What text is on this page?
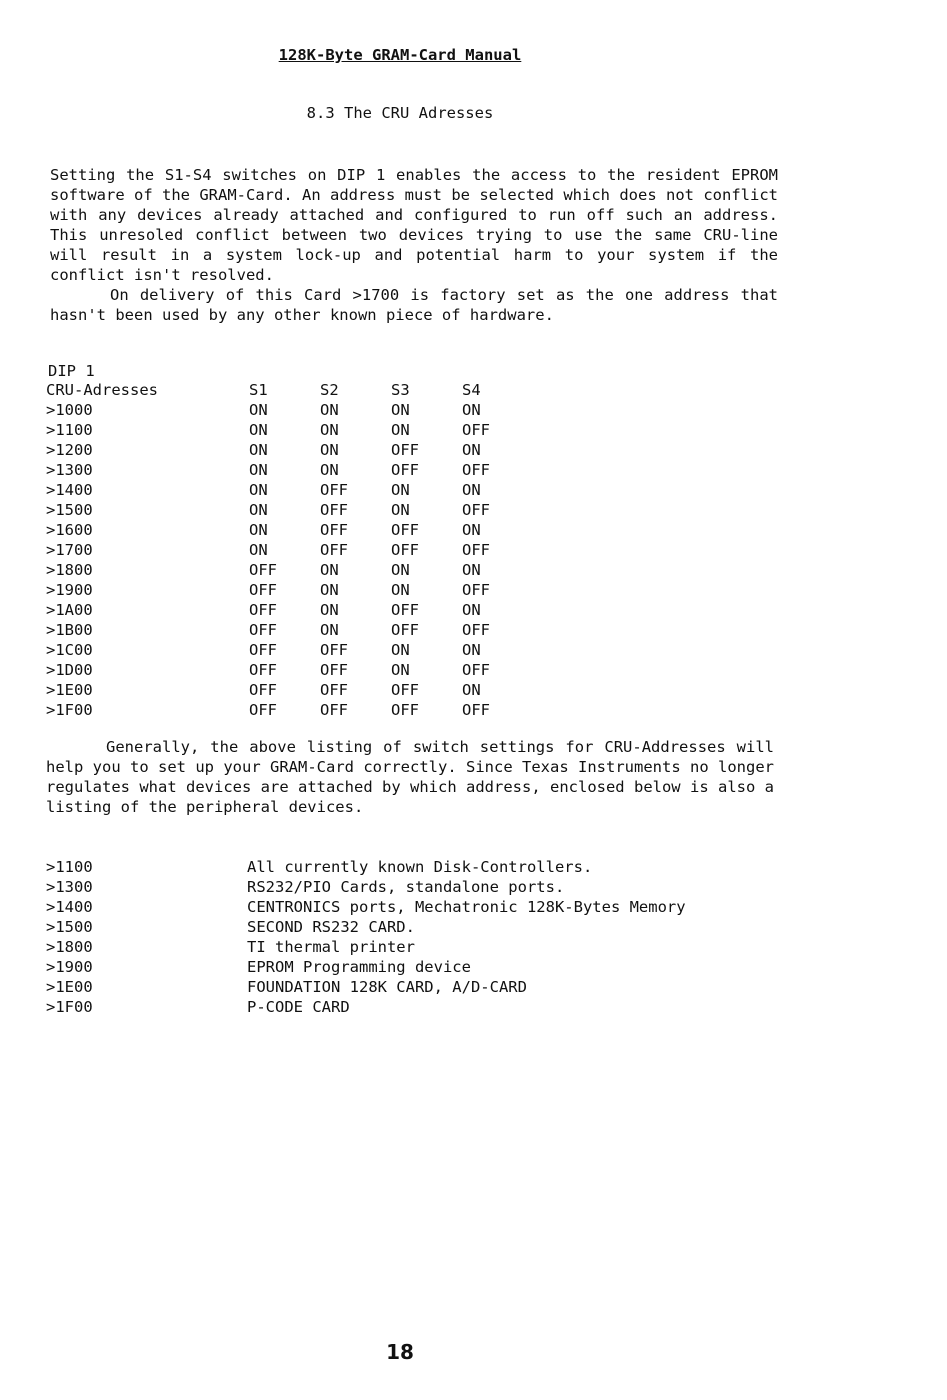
128K-Byte GRAM-Card Manual
8.3 The CRU Adresses

Setting the S1-S4 switches on DIP 1 enables the access to the resident EPROM software of the GRAM-Card. An address must be selected which does not conflict with any devices already attached and configured to run off such an address. This unresoled conflict between two devices trying to use the same CRU-line will result in a system lock-up and potential harm to your system if the conflict isn't resolved.

On delivery of this Card >1700 is factory set as the one address that hasn't been used by any other known piece of hardware.

DIP 1
CRU-Adresses	S1	S2	S3	S4
>1000	ON	ON	ON	ON
>1100	ON	ON	ON	OFF
>1200	ON	ON	OFF	ON
>1300	ON	ON	OFF	OFF
>1400	ON	OFF	ON	ON
>1500	ON	OFF	ON	OFF
>1600	ON	OFF	OFF	ON
>1700	ON	OFF	OFF	OFF
>1800	OFF	ON	ON	ON
>1900	OFF	ON	ON	OFF
>1A00	OFF	ON	OFF	ON
>1B00	OFF	ON	OFF	OFF
>1C00	OFF	OFF	ON	ON
>1D00	OFF	OFF	ON	OFF
>1E00	OFF	OFF	OFF	ON
>1F00	OFF	OFF	OFF	OFF

Generally, the above listing of switch settings for CRU-Addresses will help you to set up your GRAM-Card correctly. Since Texas Instruments no longer regulates what devices are attached by which address, enclosed below is also a listing of the peripheral devices.

>1100	All currently known Disk-Controllers.
>1300	RS232/PIO Cards, standalone ports.
>1400	CENTRONICS ports, Mechatronic 128K-Bytes Memory
>1500	SECOND RS232 CARD.
>1800	TI thermal printer
>1900	EPROM Programming device
>1E00	FOUNDATION 128K CARD, A/D-CARD
>1F00	P-CODE CARD
18
